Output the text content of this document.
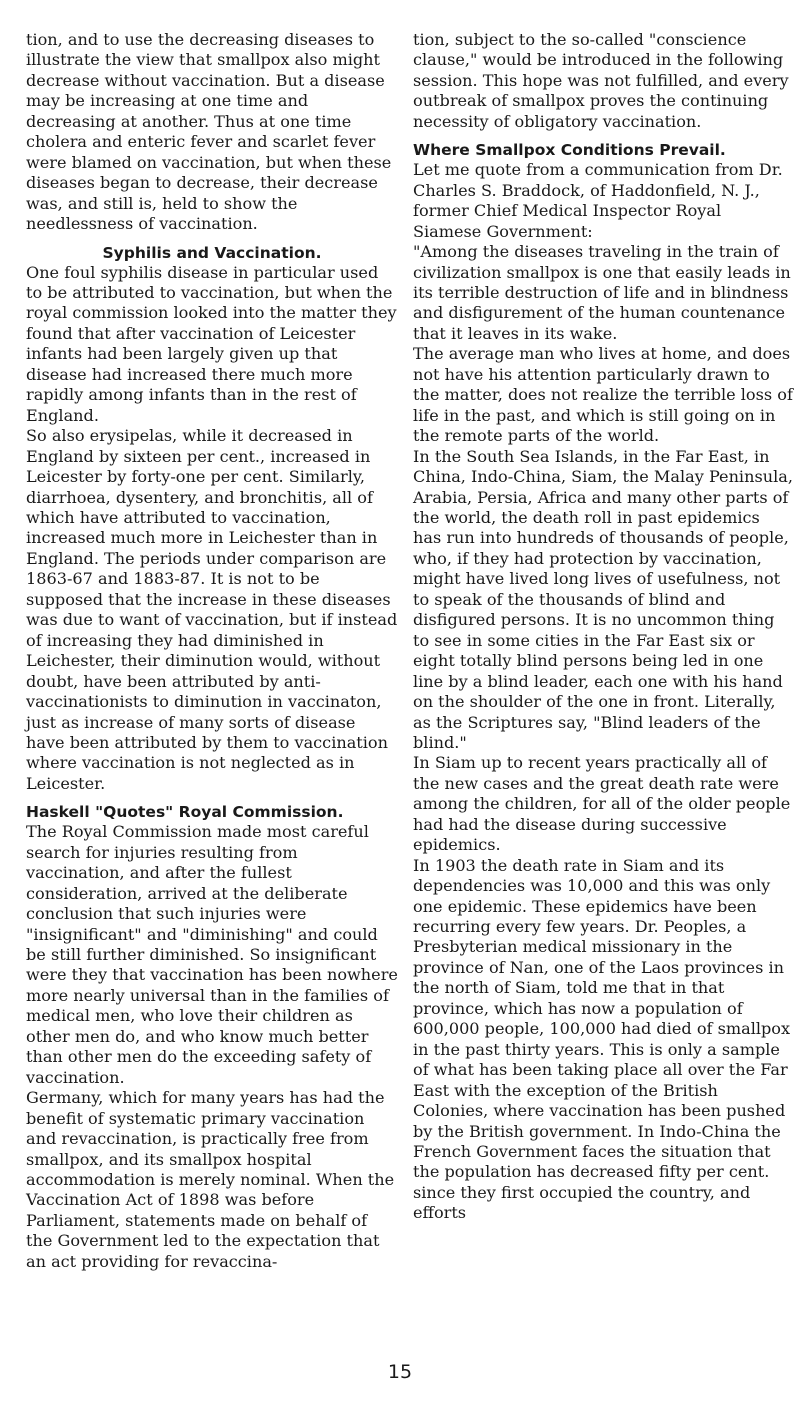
tion, and to use the decreasing diseases to illustrate the view that smallpox also might decrease without vaccination. But a disease may be increasing at one time and decreasing at another. Thus at one time cholera and enteric fever and scarlet fever were blamed on vaccination, but when these diseases began to decrease, their decrease was, and still is, held to show the needlessness of vaccination.

Syphilis and Vaccination.

One foul syphilis disease in particular used to be attributed to vaccination, but when the royal commission looked into the matter they found that after vaccination of Leicester infants had been largely given up that disease had increased there much more rapidly among infants than in the rest of England.

So also erysipelas, while it decreased in England by sixteen per cent., increased in Leicester by forty-one per cent. Similarly, diarrhoea, dysentery, and bronchitis, all of which have attributed to vaccination, increased much more in Leichester than in England. The periods under comparison are 1863-67 and 1883-87. It is not to be supposed that the increase in these diseases was due to want of vaccination, but if instead of increasing they had diminished in Leichester, their diminution would, without doubt, have been attributed by anti-vaccinationists to diminution in vaccinaton, just as increase of many sorts of disease have been attributed by them to vaccination where vaccination is not neglected as in Leicester.

Haskell "Quotes" Royal Commission.

The Royal Commission made most careful search for injuries resulting from vaccination, and after the fullest consideration, arrived at the deliberate conclusion that such injuries were "insignificant" and "diminishing" and could be still further diminished. So insignificant were they that vaccination has been nowhere more nearly universal than in the families of medical men, who love their children as other men do, and who know much better than other men do the exceeding safety of vaccination.

Germany, which for many years has had the benefit of systematic primary vaccination and revaccination, is practically free from smallpox, and its smallpox hospital accommodation is merely nominal. When the Vaccination Act of 1898 was before Parliament, statements made on behalf of the Government led to the expectation that an act providing for revaccina-

tion, subject to the so-called "conscience clause," would be introduced in the following session. This hope was not fulfilled, and every outbreak of smallpox proves the continuing necessity of obligatory vaccination.

Where Smallpox Conditions Prevail.

Let me quote from a communication from Dr. Charles S. Braddock, of Haddonfield, N. J., former Chief Medical Inspector Royal Siamese Government:

"Among the diseases traveling in the train of civilization smallpox is one that easily leads in its terrible destruction of life and in blindness and disfigurement of the human countenance that it leaves in its wake.

The average man who lives at home, and does not have his attention particularly drawn to the matter, does not realize the terrible loss of life in the past, and which is still going on in the remote parts of the world.

In the South Sea Islands, in the Far East, in China, Indo-China, Siam, the Malay Peninsula, Arabia, Persia, Africa and many other parts of the world, the death roll in past epidemics has run into hundreds of thousands of people, who, if they had protection by vaccination, might have lived long lives of usefulness, not to speak of the thousands of blind and disfigured persons. It is no uncommon thing to see in some cities in the Far East six or eight totally blind persons being led in one line by a blind leader, each one with his hand on the shoulder of the one in front. Literally, as the Scriptures say, "Blind leaders of the blind."

In Siam up to recent years practically all of the new cases and the great death rate were among the children, for all of the older people had had the disease during successive epidemics.

In 1903 the death rate in Siam and its dependencies was 10,000 and this was only one epidemic. These epidemics have been recurring every few years. Dr. Peoples, a Presbyterian medical missionary in the province of Nan, one of the Laos provinces in the north of Siam, told me that in that province, which has now a population of 600,000 people, 100,000 had died of smallpox in the past thirty years. This is only a sample of what has been taking place all over the Far East with the exception of the British Colonies, where vaccination has been pushed by the British government. In Indo-China the French Government faces the situation that the population has decreased fifty per cent. since they first occupied the country, and efforts

15
